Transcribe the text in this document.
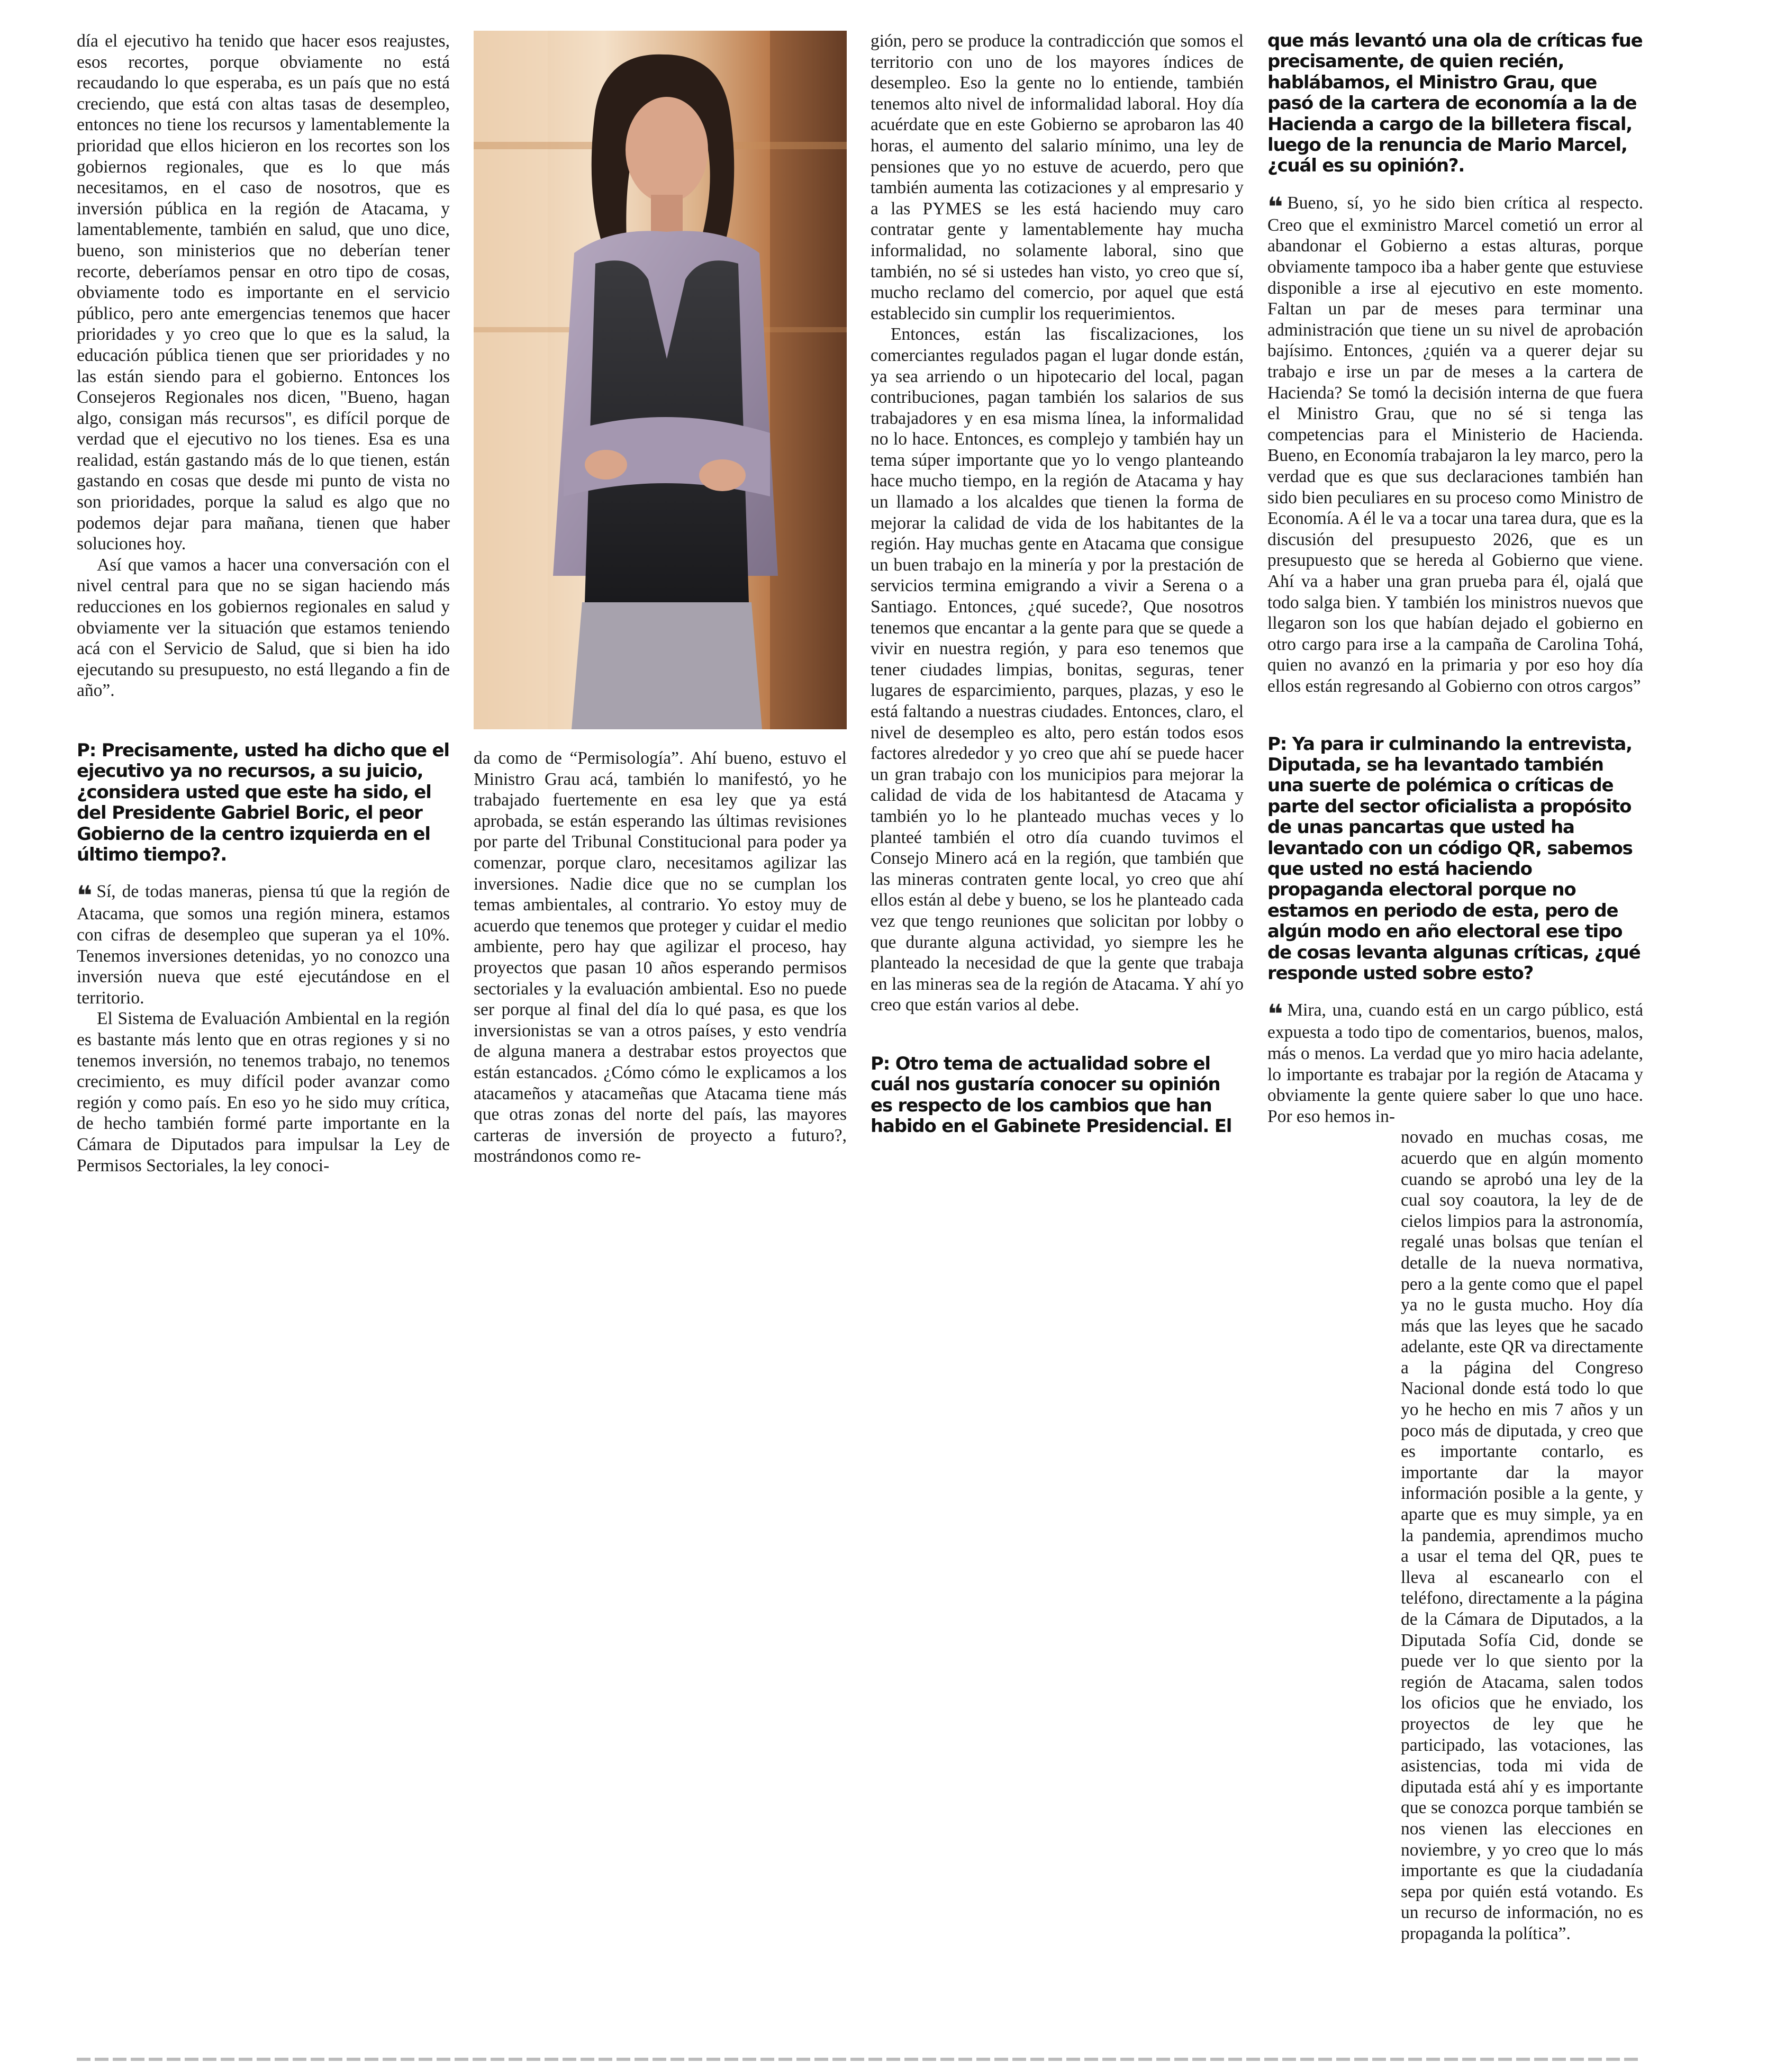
día el ejecutivo ha tenido que hacer esos reajustes, esos recortes, porque obviamente no está recaudando lo que esperaba, es un país que no está creciendo, que está con altas tasas de desempleo, entonces no tiene los recursos y lamentablemente la prioridad que ellos hicieron en los recortes son los gobiernos regionales, que es lo que más necesitamos, en el caso de nosotros, que es inversión pública en la región de Atacama, y lamentablemente, también en salud, que uno dice, bueno, son ministerios que no deberían tener recorte, deberíamos pensar en otro tipo de cosas, obviamente todo es importante en el servicio público, pero ante emergencias tenemos que hacer prioridades y yo creo que lo que es la salud, la educación pública tienen que ser prioridades y no las están siendo para el gobierno. Entonces los Consejeros Regionales nos dicen, "Bueno, hagan algo, consigan más recursos", es difícil porque de verdad que el ejecutivo no los tienes. Esa es una realidad, están gastando más de lo que tienen, están gastando en cosas que desde mi punto de vista no son prioridades, porque la salud es algo que no podemos dejar para mañana, tienen que haber soluciones hoy.

Así que vamos a hacer una conversación con el nivel central para que no se sigan haciendo más reducciones en los gobiernos regionales en salud y obviamente ver la situación que estamos teniendo acá con el Servicio de Salud, que si bien ha ido ejecutando su presupuesto, no está llegando a fin de año”.

P: Precisamente, usted ha dicho que el ejecutivo ya no recursos, a su juicio, ¿considera usted que este ha sido, el del Presidente Gabriel Boric, el peor Gobierno de la centro izquierda en el último tiempo?.

❝ Sí, de todas maneras, piensa tú que la región de Atacama, que somos una región minera, estamos con cifras de desempleo que superan ya el 10%. Tenemos inversiones detenidas, yo no conozco una inversión nueva que esté ejecutándose en el territorio.

El Sistema de Evaluación Ambiental en la región es bastante más lento que en otras regiones y si no tenemos inversión, no tenemos trabajo, no tenemos crecimiento, es muy difícil poder avanzar como región y como país. En eso yo he sido muy crítica, de hecho también formé parte importante en la Cámara de Diputados para impulsar la Ley de Permisos Sectoriales, la ley conoci-

da como de “Permisología”. Ahí bueno, estuvo el Ministro Grau acá, también lo manifestó, yo he trabajado fuertemente en esa ley que ya está aprobada, se están esperando las últimas revisiones por parte del Tribunal Constitucional para poder ya comenzar, porque claro, necesitamos agilizar las inversiones. Nadie dice que no se cumplan los temas ambientales, al contrario. Yo estoy muy de acuerdo que tenemos que proteger y cuidar el medio ambiente, pero hay que agilizar el proceso, hay proyectos que pasan 10 años esperando permisos sectoriales y la evaluación ambiental. Eso no puede ser porque al final del día lo qué pasa, es que los inversionistas se van a otros países, y esto vendría de alguna manera a destrabar estos proyectos que están estancados. ¿Cómo cómo le explicamos a los atacameños y atacameñas que Atacama tiene más que otras zonas del norte del país, las mayores carteras de inversión de proyecto a futuro?, mostrándonos como re-

gión, pero se produce la contradicción que somos el territorio con uno de los mayores índices de desempleo. Eso la gente no lo entiende, también tenemos alto nivel de informalidad laboral. Hoy día acuérdate que en este Gobierno se aprobaron las 40 horas, el aumento del salario mínimo, una ley de pensiones que yo no estuve de acuerdo, pero que también aumenta las cotizaciones y al empresario y a las PYMES se les está haciendo muy caro contratar gente y lamentablemente hay mucha informalidad, no solamente laboral, sino que también, no sé si ustedes han visto, yo creo que sí, mucho reclamo del comercio, por aquel que está establecido sin cumplir los requerimientos.

Entonces, están las fiscalizaciones, los comerciantes regulados pagan el lugar donde están, ya sea arriendo o un hipotecario del local, pagan contribuciones, pagan también los salarios de sus trabajadores y en esa misma línea, la informalidad no lo hace. Entonces, es complejo y también hay un tema súper importante que yo lo vengo planteando hace mucho tiempo, en la región de Atacama y hay un llamado a los alcaldes que tienen la forma de mejorar la calidad de vida de los habitantes de la región. Hay muchas gente en Atacama que consigue un buen trabajo en la minería y por la prestación de servicios termina emigrando a vivir a Serena o a Santiago. Entonces, ¿qué sucede?, Que nosotros tenemos que encantar a la gente para que se quede a vivir en nuestra región, y para eso tenemos que tener ciudades limpias, bonitas, seguras, tener lugares de esparcimiento, parques, plazas, y eso le está faltando a nuestras ciudades. Entonces, claro, el nivel de desempleo es alto, pero están todos esos factores alrededor y yo creo que ahí se puede hacer un gran trabajo con los municipios para mejorar la calidad de vida de los habitantesd de Atacama y también yo lo he planteado muchas veces y lo planteé también el otro día cuando tuvimos el Consejo Minero acá en la región, que también que las mineras contraten gente local, yo creo que ahí ellos están al debe y bueno, se los he planteado cada vez que tengo reuniones que solicitan por lobby o que durante alguna actividad, yo siempre les he planteado la necesidad de que la gente que trabaja en las mineras sea de la región de Atacama. Y ahí yo creo que están varios al debe.

P: Otro tema de actualidad sobre el cuál nos gustaría conocer su opinión es respecto de los cambios que han habido en el Gabinete Presidencial. El

que más levantó una ola de críticas fue precisamente, de quien recién, hablábamos, el Ministro Grau, que pasó de la cartera de economía a la de Hacienda a cargo de la billetera fiscal, luego de la renuncia de Mario Marcel, ¿cuál es su opinión?.

❝ Bueno, sí, yo he sido bien crítica al respecto. Creo que el exministro Marcel cometió un error al abandonar el Gobierno a estas alturas, porque obviamente tampoco iba a haber gente que estuviese disponible a irse al ejecutivo en este momento. Faltan un par de meses para terminar una administración que tiene un su nivel de aprobación bajísimo. Entonces, ¿quién va a querer dejar su trabajo e irse un par de meses a la cartera de Hacienda? Se tomó la decisión interna de que fuera el Ministro Grau, que no sé si tenga las competencias para el Ministerio de Hacienda. Bueno, en Economía trabajaron la ley marco, pero la verdad que es que sus declaraciones también han sido bien peculiares en su proceso como Ministro de Economía. A él le va a tocar una tarea dura, que es la discusión del presupuesto 2026, que es un presupuesto que se hereda al Gobierno que viene. Ahí va a haber una gran prueba para él, ojalá que todo salga bien. Y también los ministros nuevos que llegaron son los que habían dejado el gobierno en otro cargo para irse a la campaña de Carolina Tohá, quien no avanzó en la primaria y por eso hoy día ellos están regresando al Gobierno con otros cargos”

P: Ya para ir culminando la entrevista, Diputada, se ha levantado también una suerte de polémica o críticas de parte del sector oficialista a propósito de unas pancartas que usted ha levantado con un código QR, sabemos que usted no está haciendo propaganda electoral porque no estamos en periodo de esta, pero de algún modo en año electoral ese tipo de cosas levanta algunas críticas, ¿qué responde usted sobre esto?

❝ Mira, una, cuando está en un cargo público, está expuesta a todo tipo de comentarios, buenos, malos, más o menos. La verdad que yo miro hacia adelante, lo importante es trabajar por la región de Atacama y obviamente la gente quiere saber lo que uno hace. Por eso hemos in-

novado en muchas cosas, me acuerdo que en algún momento cuando se aprobó una ley de la cual soy coautora, la ley de de cielos limpios para la astronomía, regalé unas bolsas que tenían el detalle de la nueva normativa, pero a la gente como que el papel ya no le gusta mucho. Hoy día más que las leyes que he sacado adelante, este QR va directamente a la página del Congreso Nacional donde está todo lo que yo he hecho en mis 7 años y un poco más de diputada, y creo que es importante contarlo, es importante dar la mayor información posible a la gente, y aparte que es muy simple, ya en la pandemia, aprendimos mucho a usar el tema del QR, pues te lleva al escanearlo con el teléfono, directamente a la página de la Cámara de Diputados, a la Diputada Sofía Cid, donde se puede ver lo que siento por la región de Atacama, salen todos los oficios que he enviado, los proyectos de ley que he participado, las votaciones, las asistencias, toda mi vida de diputada está ahí y es importante que se conozca porque también se nos vienen las elecciones en noviembre, y yo creo que lo más importante es que la ciudadanía sepa por quién está votando. Es un recurso de información, no es propaganda la política”.
